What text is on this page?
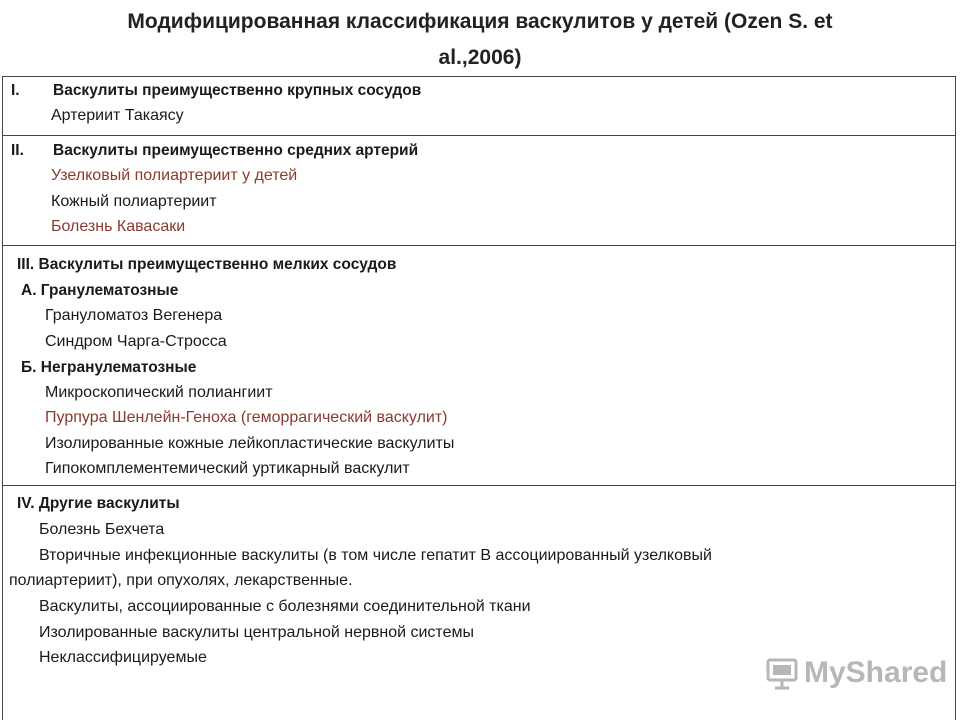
Модифицированная классификация васкулитов у детей (Ozen S. et
al.,2006)
I. Васкулиты преимущественно крупных сосудов
Артериит Такаясу
II. Васкулиты преимущественно средних артерий
Узелковый полиартериит у детей
Кожный полиартериит
Болезнь Кавасаки
III. Васкулиты преимущественно мелких сосудов
А. Гранулематозные
Грануломатоз Вегенера
Синдром Чарга-Стросса
Б. Негранулематозные
Микроскопический полиангиит
Пурпура Шенлейн-Геноха (геморрагический васкулит)
Изолированные кожные лейкопластические васкулиты
Гипокомплементемический уртикарный васкулит
IV. Другие васкулиты
Болезнь Бехчета
Вторичные инфекционные васкулиты (в том числе гепатит В ассоциированный узелковый
полиартериит), при опухолях, лекарственные.
Васкулиты, ассоциированные с болезнями соединительной ткани
Изолированные васкулиты центральной нервной системы
Неклассифицируемые	MyShared
